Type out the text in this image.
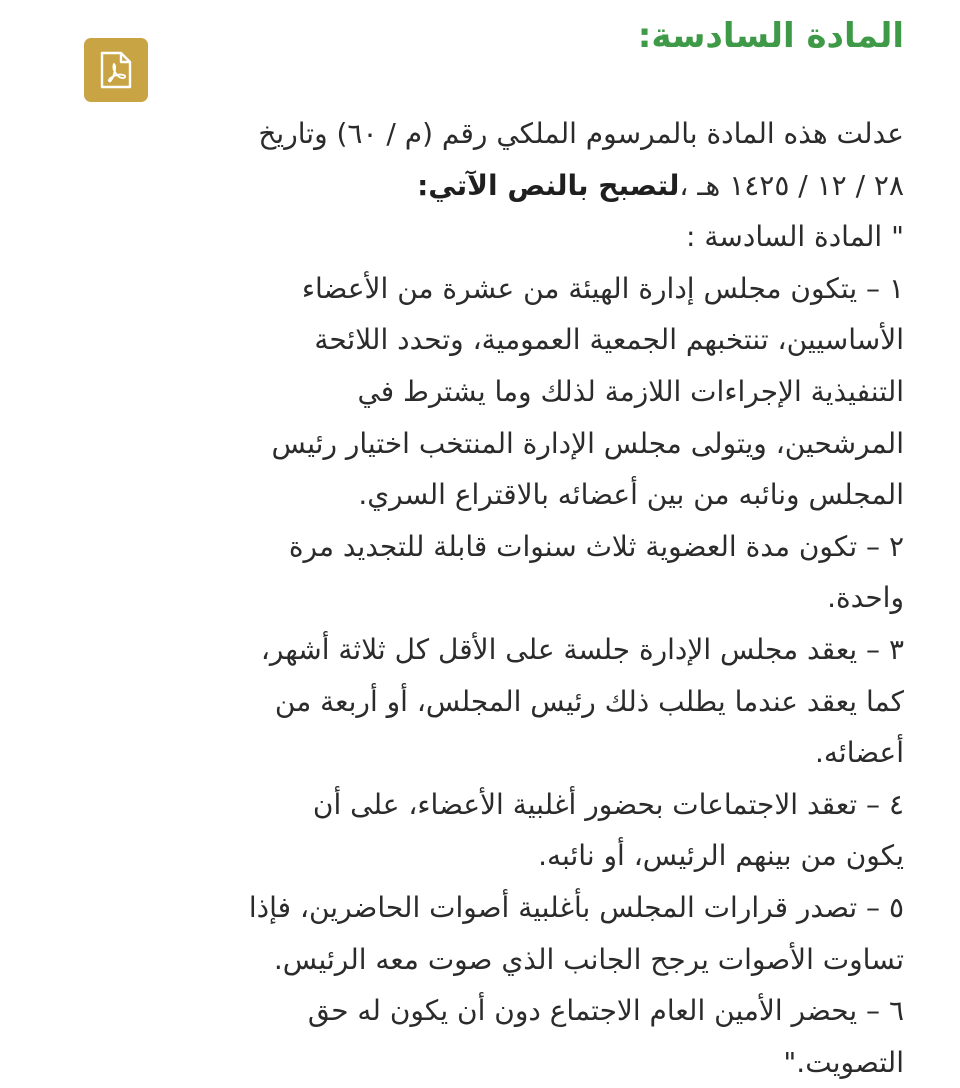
المادة السادسة:
عدلت هذه المادة بالمرسوم الملكي رقم (م / ٦٠) وتاريخ
٢٨ / ١٢ / ١٤٢٥ هـ ،لتصبح بالنص الآتي:
" المادة السادسة :
١ – يتكون مجلس إدارة الهيئة من عشرة من الأعضاء
الأساسيين، تنتخبهم الجمعية العمومية، وتحدد اللائحة
التنفيذية الإجراءات اللازمة لذلك وما يشترط في
المرشحين، ويتولى مجلس الإدارة المنتخب اختيار رئيس
المجلس ونائبه من بين أعضائه بالاقتراع السري.
٢ – تكون مدة العضوية ثلاث سنوات قابلة للتجديد مرة
واحدة.
٣ – يعقد مجلس الإدارة جلسة على الأقل كل ثلاثة أشهر،
كما يعقد عندما يطلب ذلك رئيس المجلس، أو أربعة من
أعضائه.
٤ – تعقد الاجتماعات بحضور أغلبية الأعضاء، على أن
يكون من بينهم الرئيس، أو نائبه.
٥ – تصدر قرارات المجلس بأغلبية أصوات الحاضرين، فإذا
تساوت الأصوات يرجح الجانب الذي صوت معه الرئيس.
٦ – يحضر الأمين العام الاجتماع دون أن يكون له حق
التصويت."
